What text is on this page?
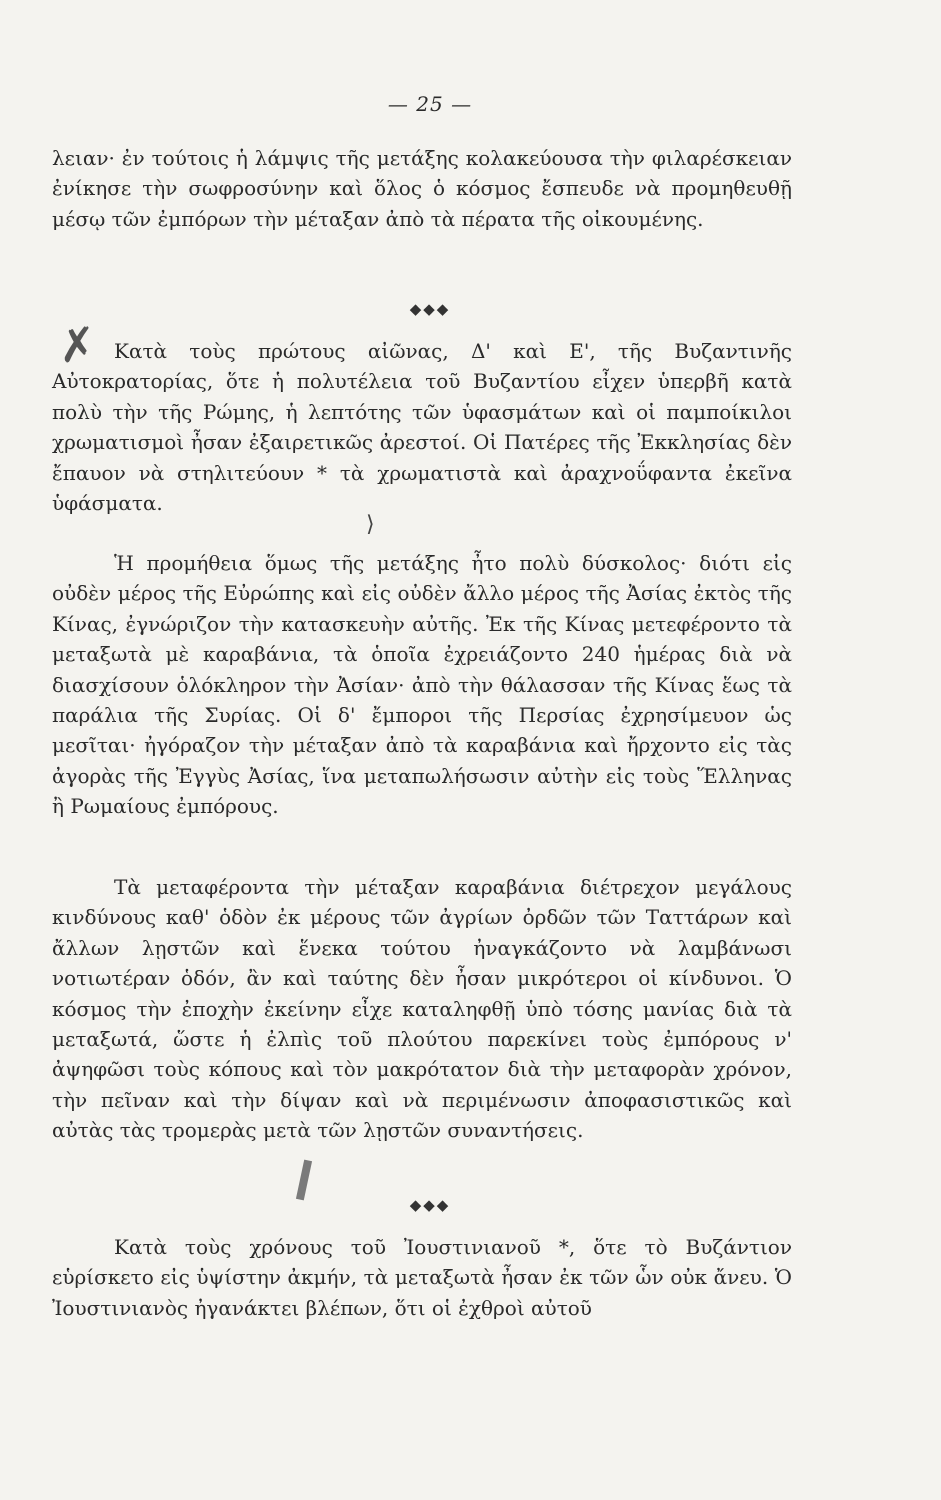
— 25 —

λειαν· ἐν τούτοις ἡ λάμψις τῆς μετάξης κολακεύουσα τὴν φιλαρέσκειαν ἐνίκησε τὴν σωφροσύνην καὶ ὅλος ὁ κόσμος ἔσπευδε νὰ προμηθευθῇ μέσῳ τῶν ἐμπόρων τὴν μέταξαν ἀπὸ τὰ πέρατα τῆς οἰκουμένης.

◆◆◆
✗ Κατὰ τοὺς πρώτους αἰῶνας, Δ' καὶ Ε', τῆς Βυζαντινῆς Αὐτοκρατορίας, ὅτε ἡ πολυτέλεια τοῦ Βυζαντίου εἶχεν ὑπερβῆ κατὰ πολὺ τὴν τῆς Ρώμης, ἡ λεπτότης τῶν ὑφασμάτων καὶ οἱ παμποίκιλοι χρωματισμοὶ ἦσαν ἐξαιρετικῶς ἀρεστοί. Οἱ Πατέρες τῆς Ἐκκλησίας δὲν ἔπαυον νὰ στηλιτεύουν * τὰ χρωματιστὰ καὶ ἀραχνοΰφαντα ἐκεῖνα ὑφάσματα.

⟩

Ἡ προμήθεια ὅμως τῆς μετάξης ἦτο πολὺ δύσκολος· διότι εἰς οὐδὲν μέρος τῆς Εὐρώπης καὶ εἰς οὐδὲν ἄλλο μέρος τῆς Ἀσίας ἐκτὸς τῆς Κίνας, ἐγνώριζον τὴν κατασκευὴν αὐτῆς. Ἐκ τῆς Κίνας μετεφέροντο τὰ μεταξωτὰ μὲ καραβάνια, τὰ ὁποῖα ἐχρειάζοντο 240 ἡμέρας διὰ νὰ διασχίσουν ὁλόκληρον τὴν Ἀσίαν· ἀπὸ τὴν θάλασσαν τῆς Κίνας ἕως τὰ παράλια τῆς Συρίας. Οἱ δ' ἔμποροι τῆς Περσίας ἐχρησίμευον ὡς μεσῖται· ἠγόραζον τὴν μέταξαν ἀπὸ τὰ καραβάνια καὶ ἤρχοντο εἰς τὰς ἀγορὰς τῆς Ἐγγὺς Ἀσίας, ἵνα μεταπωλήσωσιν αὐτὴν εἰς τοὺς Ἕλληνας ἢ Ρωμαίους ἐμπόρους.

Τὰ μεταφέροντα τὴν μέταξαν καραβάνια διέτρεχον μεγάλους κινδύνους καθ' ὁδὸν ἐκ μέρους τῶν ἀγρίων ὀρδῶν τῶν Ταττάρων καὶ ἄλλων λῃστῶν καὶ ἕνεκα τούτου ἠναγκάζοντο νὰ λαμβάνωσι νοτιωτέραν ὁδόν, ἂν καὶ ταύτης δὲν ἦσαν μικρότεροι οἱ κίνδυνοι. Ὁ κόσμος τὴν ἐποχὴν ἐκείνην εἶχε καταληφθῇ ὑπὸ τόσης μανίας διὰ τὰ μεταξωτά, ὥστε ἡ ἐλπὶς τοῦ πλούτου παρεκίνει τοὺς ἐμπόρους ν' ἀψηφῶσι τοὺς κόπους καὶ τὸν μακρότατον διὰ τὴν μεταφορὰν χρόνον, τὴν πεῖναν καὶ τὴν δίψαν καὶ νὰ περιμένωσιν ἀποφασιστικῶς καὶ αὐτὰς τὰς τρομερὰς μετὰ τῶν λῃστῶν συναντήσεις.

◆◆◆

Κατὰ τοὺς χρόνους τοῦ Ἰουστινιανοῦ *, ὅτε τὸ Βυζάντιον εὑρίσκετο εἰς ὑψίστην ἀκμήν, τὰ μεταξωτὰ ἦσαν ἐκ τῶν ὧν οὐκ ἄνευ. Ὁ Ἰουστινιανὸς ἠγανάκτει βλέπων, ὅτι οἱ ἐχθροὶ αὐτοῦ
